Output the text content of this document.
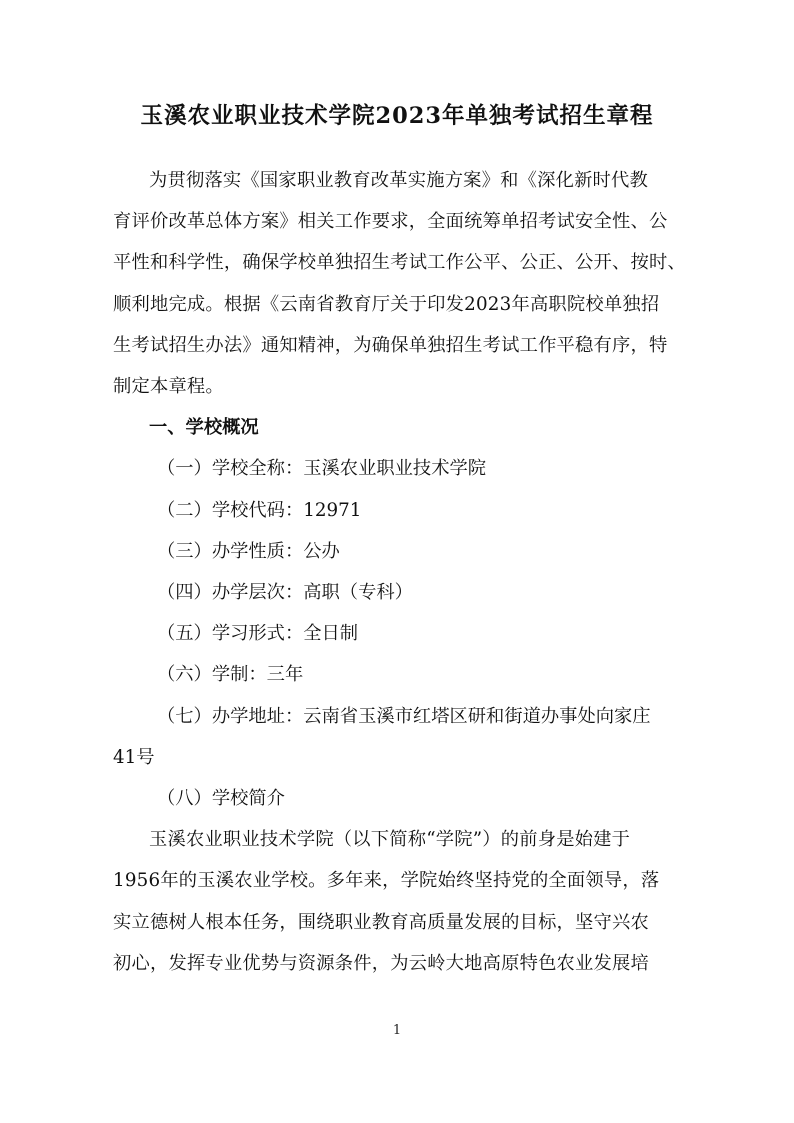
玉溪农业职业技术学院2023年单独考试招生章程
为贯彻落实《国家职业教育改革实施方案》和《深化新时代教
育评价改革总体方案》相关工作要求，全面统筹单招考试安全性、公
平性和科学性，确保学校单独招生考试工作公平、公正、公开、按时、
顺利地完成。根据《云南省教育厅关于印发2023年高职院校单独招
生考试招生办法》通知精神，为确保单独招生考试工作平稳有序，特
制定本章程。
一、学校概况
（一）学校全称：玉溪农业职业技术学院
（二）学校代码：12971
（三）办学性质：公办
（四）办学层次：高职（专科）
（五）学习形式：全日制
（六）学制：三年
（七）办学地址：云南省玉溪市红塔区研和街道办事处向家庄
41号
（八）学校简介
玉溪农业职业技术学院（以下简称“学院”）的前身是始建于
1956年的玉溪农业学校。多年来，学院始终坚持党的全面领导，落
实立德树人根本任务，围绕职业教育高质量发展的目标，坚守兴农
初心，发挥专业优势与资源条件，为云岭大地高原特色农业发展培
1
